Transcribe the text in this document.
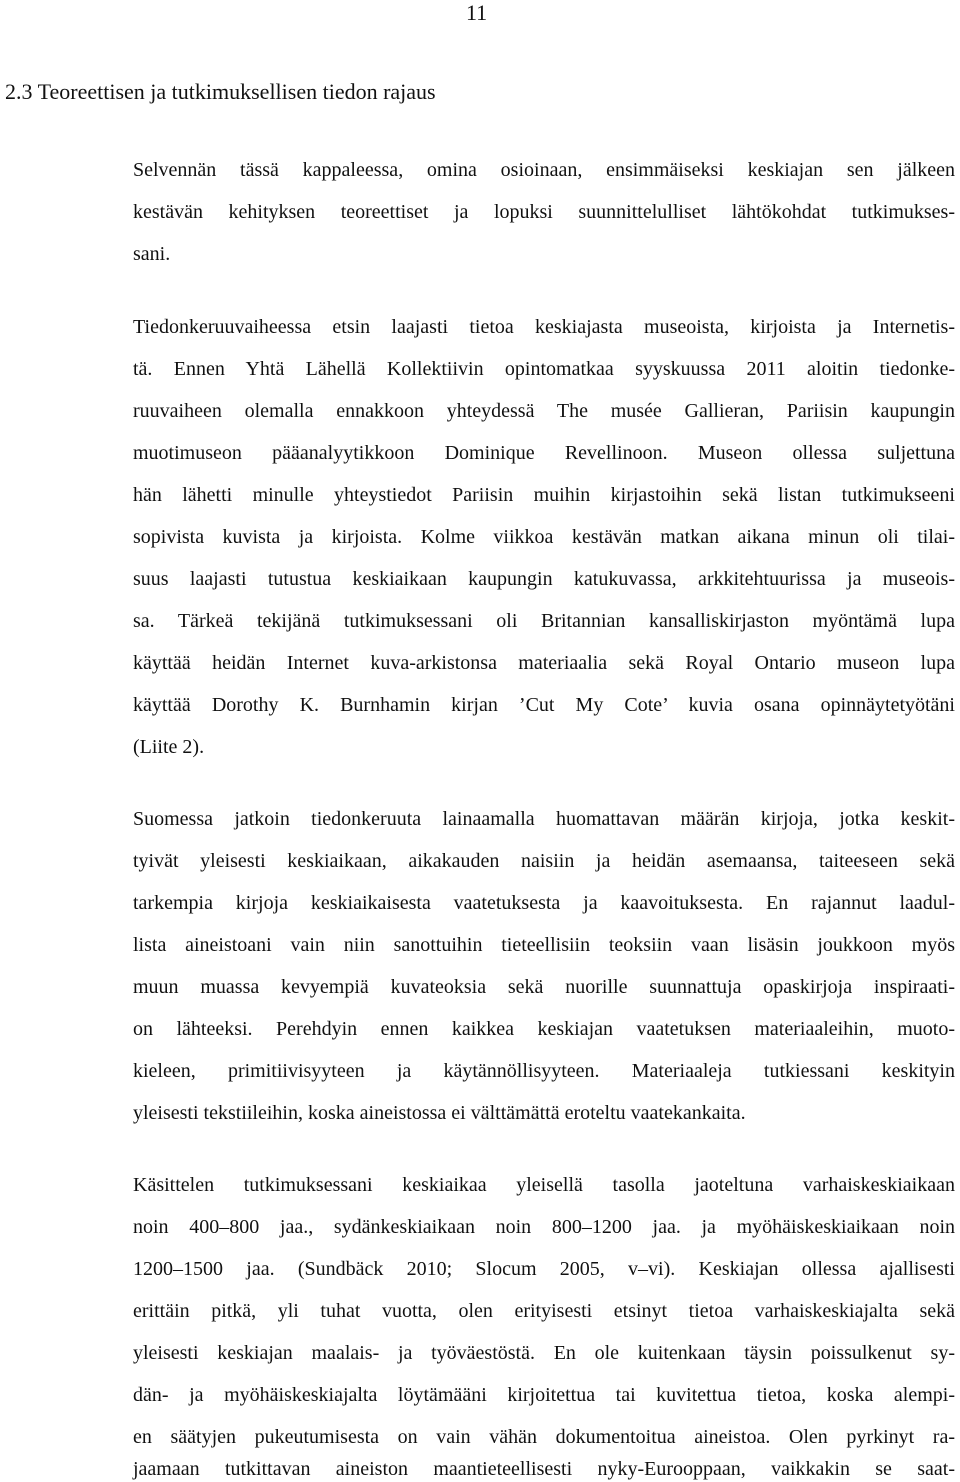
11
2.3 Teoreettisen ja tutkimuksellisen tiedon rajaus
Selvennän tässä kappaleessa, omina osioinaan, ensimmäiseksi keskiajan sen jälkeen
kestävän kehityksen teoreettiset ja lopuksi suunnittelulliset lähtökohdat tutkimukses-
sani.
Tiedonkeruuvaiheessa etsin laajasti tietoa keskiajasta museoista, kirjoista ja Internetis-
tä. Ennen Yhtä Lähellä Kollektiivin opintomatkaa syyskuussa 2011 aloitin tiedonke-
ruuvaiheen olemalla ennakkoon yhteydessä The musée Gallieran, Pariisin kaupungin
muotimuseon pääanalyytikkoon Dominique Revellinoon. Museon ollessa suljettuna
hän lähetti minulle yhteystiedot Pariisin muihin kirjastoihin sekä listan tutkimukseeni
sopivista kuvista ja kirjoista. Kolme viikkoa kestävän matkan aikana minun oli tilai-
suus laajasti tutustua keskiaikaan kaupungin katukuvassa, arkkitehtuurissa ja museois-
sa. Tärkeä tekijänä tutkimuksessani oli Britannian kansalliskirjaston myöntämä lupa
käyttää heidän Internet kuva-arkistonsa materiaalia sekä Royal Ontario museon lupa
käyttää Dorothy K. Burnhamin kirjan ’Cut My Cote’ kuvia osana opinnäytetyötäni
(Liite 2).
Suomessa jatkoin tiedonkeruuta lainaamalla huomattavan määrän kirjoja, jotka keskit-
tyivät yleisesti keskiaikaan, aikakauden naisiin ja heidän asemaansa, taiteeseen sekä
tarkempia kirjoja keskiaikaisesta vaatetuksesta ja kaavoituksesta. En rajannut laadul-
lista aineistoani vain niin sanottuihin tieteellisiin teoksiin vaan lisäsin joukkoon myös
muun muassa kevyempiä kuvateoksia sekä nuorille suunnattuja opaskirjoja inspiraati-
on lähteeksi. Perehdyin ennen kaikkea keskiajan vaatetuksen materiaaleihin, muoto-
kieleen, primitiivisyyteen ja käytännöllisyyteen. Materiaaleja tutkiessani keskityin
yleisesti tekstiileihin, koska aineistossa ei välttämättä eroteltu vaatekankaita.
Käsittelen tutkimuksessani keskiaikaa yleisellä tasolla jaoteltuna varhaiskeskiaikaan
noin 400–800 jaa., sydänkeskiaikaan noin 800–1200 jaa. ja myöhäiskeskiaikaan noin
1200–1500 jaa. (Sundbäck 2010; Slocum 2005, v–vi). Keskiajan ollessa ajallisesti
erittäin pitkä, yli tuhat vuotta, olen erityisesti etsinyt tietoa varhaiskeskiajalta sekä
yleisesti keskiajan maalais- ja työväestöstä. En ole kuitenkaan täysin poissulkenut sy-
dän- ja myöhäiskeskiajalta löytämääni kirjoitettua tai kuvitettua tietoa, koska alempi-
en säätyjen pukeutumisesta on vain vähän dokumentoitua aineistoa. Olen pyrkinyt ra-
jaamaan tutkittavan aineiston maantieteellisesti nyky-Eurooppaan, vaikkakin se saat-
